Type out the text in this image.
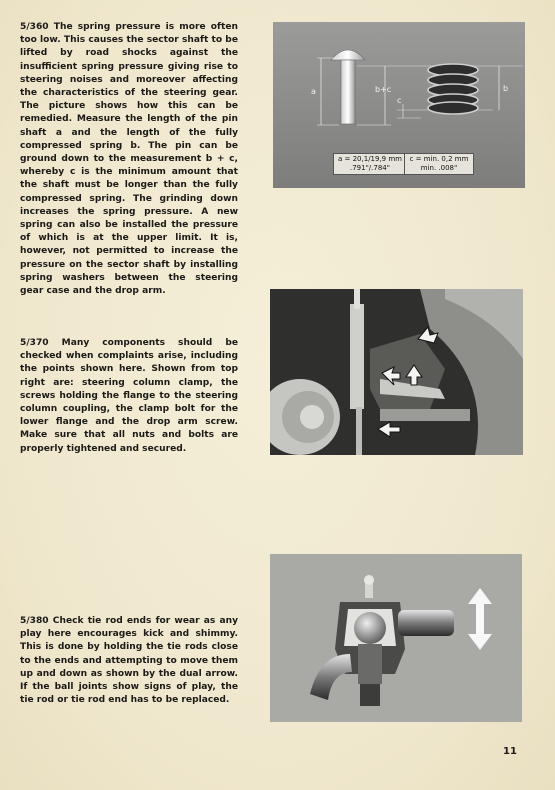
5/360 The spring pressure is more often too low. This causes the sector shaft to be lifted by road shocks against the insufficient spring pressure giving rise to steering noises and moreover affecting the characteristics of the steering gear. The picture shows how this can be remedied. Measure the length of the pin shaft a and the length of the fully compressed spring b. The pin can be ground down to the measurement b + c, whereby c is the minimum amount that the shaft must be longer than the fully compressed spring. The grinding down increases the spring pressure. A new spring can also be installed the pressure of which is at the upper limit. It is, however, not permitted to increase the pressure on the sector shaft by installing spring washers between the steering gear case and the drop arm.
a	b+c
c
b
a = 20,1/19,9 mm
.791"/.784"
c = min. 0,2 mm
min. .008"
5/370 Many components should be checked when complaints arise, including the points shown here. Shown from top right are: steering column clamp, the screws holding the flange to the steering column coupling, the clamp bolt for the lower flange and the drop arm screw. Make sure that all nuts and bolts are properly tightened and secured.
5/380 Check tie rod ends for wear as any play here encourages kick and shimmy. This is done by holding the tie rods close to the ends and attempting to move them up and down as shown by the dual arrow. If the ball joints show signs of play, the tie rod or tie rod end has to be replaced.
11
